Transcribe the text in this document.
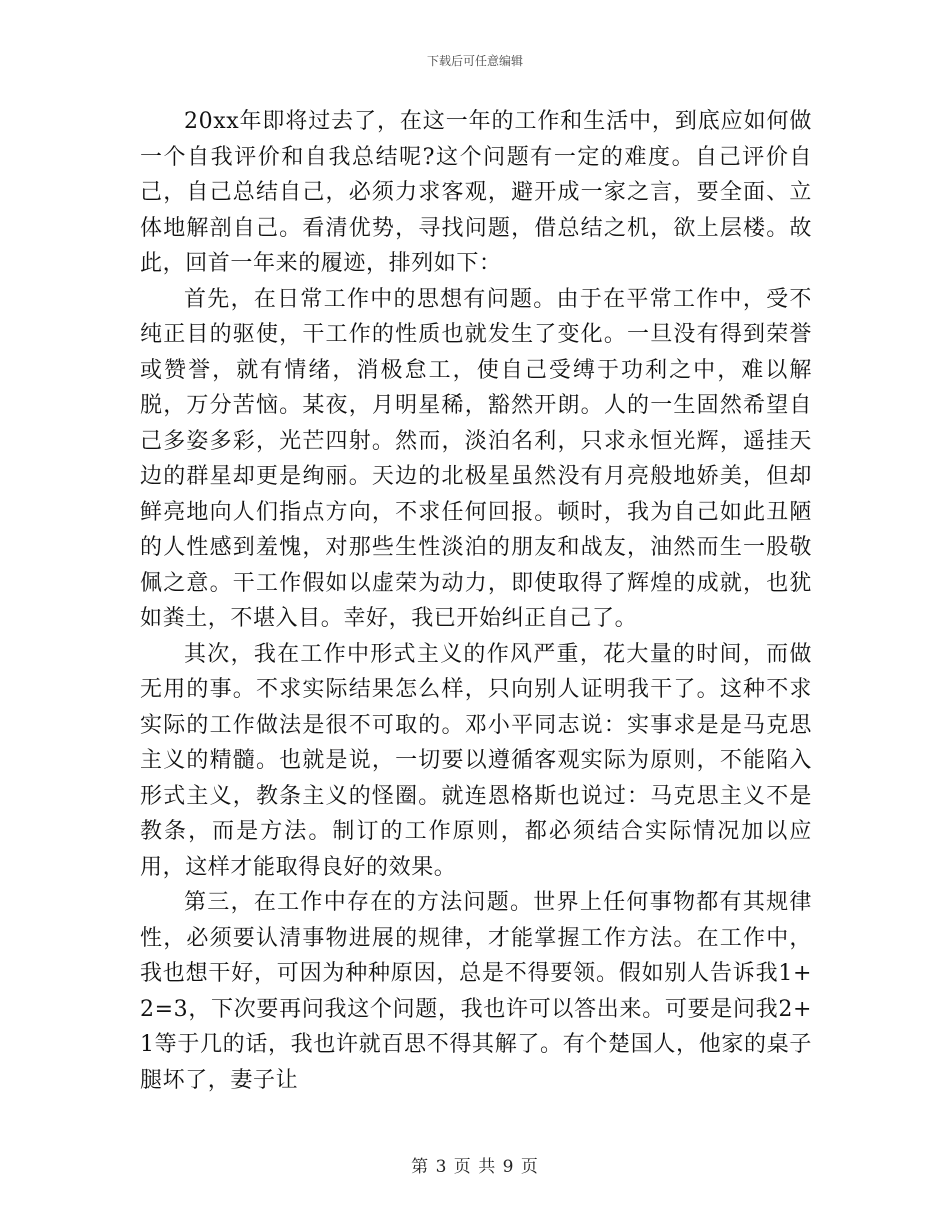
下载后可任意编辑

20xx年即将过去了，在这一年的工作和生活中，到底应如何做一个自我评价和自我总结呢?这个问题有一定的难度。自己评价自己，自己总结自己，必须力求客观，避开成一家之言，要全面、立体地解剖自己。看清优势，寻找问题，借总结之机，欲上层楼。故此，回首一年来的履迹，排列如下：

首先，在日常工作中的思想有问题。由于在平常工作中，受不纯正目的驱使，干工作的性质也就发生了变化。一旦没有得到荣誉或赞誉，就有情绪，消极怠工，使自己受缚于功利之中，难以解脱，万分苦恼。某夜，月明星稀，豁然开朗。人的一生固然希望自己多姿多彩，光芒四射。然而，淡泊名利，只求永恒光辉，遥挂天边的群星却更是绚丽。天边的北极星虽然没有月亮般地娇美，但却鲜亮地向人们指点方向，不求任何回报。顿时，我为自己如此丑陋的人性感到羞愧，对那些生性淡泊的朋友和战友，油然而生一股敬佩之意。干工作假如以虚荣为动力，即使取得了辉煌的成就，也犹如粪土，不堪入目。幸好，我已开始纠正自己了。

其次，我在工作中形式主义的作风严重，花大量的时间，而做无用的事。不求实际结果怎么样，只向别人证明我干了。这种不求实际的工作做法是很不可取的。邓小平同志说：实事求是是马克思主义的精髓。也就是说，一切要以遵循客观实际为原则，不能陷入形式主义，教条主义的怪圈。就连恩格斯也说过：马克思主义不是教条，而是方法。制订的工作原则，都必须结合实际情况加以应用，这样才能取得良好的效果。

第三，在工作中存在的方法问题。世界上任何事物都有其规律性，必须要认清事物进展的规律，才能掌握工作方法。在工作中，我也想干好，可因为种种原因，总是不得要领。假如别人告诉我1+2=3，下次要再问我这个问题，我也许可以答出来。可要是问我2+1等于几的话，我也许就百思不得其解了。有个楚国人，他家的桌子腿坏了，妻子让

第 3 页 共 9 页
